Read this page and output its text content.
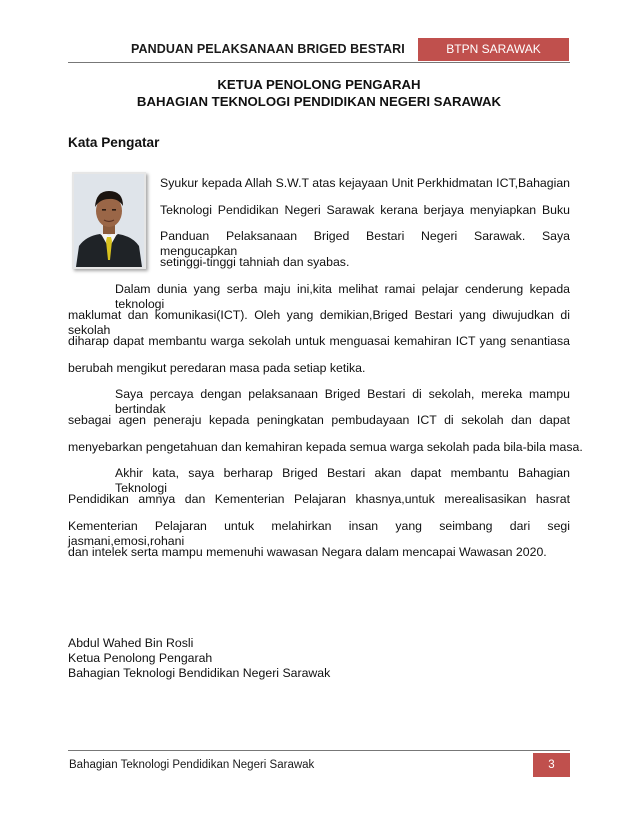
PANDUAN PELAKSANAAN BRIGED BESTARI	BTPN SARAWAK
KETUA PENOLONG PENGARAH
BAHAGIAN TEKNOLOGI PENDIDIKAN NEGERI SARAWAK
Kata Pengatar
Syukur kepada Allah S.W.T atas kejayaan Unit Perkhidmatan ICT,Bahagian
Teknologi Pendidikan Negeri Sarawak kerana berjaya menyiapkan Buku
Panduan Pelaksanaan Briged Bestari Negeri Sarawak. Saya mengucapkan
setinggi-tinggi tahniah dan syabas.
Dalam dunia yang serba maju ini,kita melihat ramai pelajar cenderung kepada teknologi
maklumat dan komunikasi(ICT). Oleh yang demikian,Briged Bestari yang diwujudkan di sekolah
diharap dapat membantu warga sekolah untuk menguasai kemahiran ICT yang senantiasa
berubah mengikut peredaran masa pada setiap ketika.
Saya percaya dengan pelaksanaan Briged Bestari di sekolah, mereka mampu bertindak
sebagai agen peneraju kepada peningkatan pembudayaan ICT di sekolah dan dapat
menyebarkan pengetahuan dan kemahiran kepada semua warga sekolah pada bila-bila masa.
Akhir kata, saya berharap Briged Bestari akan dapat membantu Bahagian Teknologi
Pendidikan amnya dan Kementerian Pelajaran khasnya,untuk merealisasikan hasrat
Kementerian Pelajaran untuk melahirkan insan yang seimbang dari segi jasmani,emosi,rohani
dan intelek serta mampu memenuhi wawasan Negara dalam mencapai Wawasan 2020.
Abdul Wahed Bin Rosli
Ketua Penolong Pengarah
Bahagian Teknologi Bendidikan Negeri Sarawak
Bahagian Teknologi Pendidikan Negeri Sarawak	3
